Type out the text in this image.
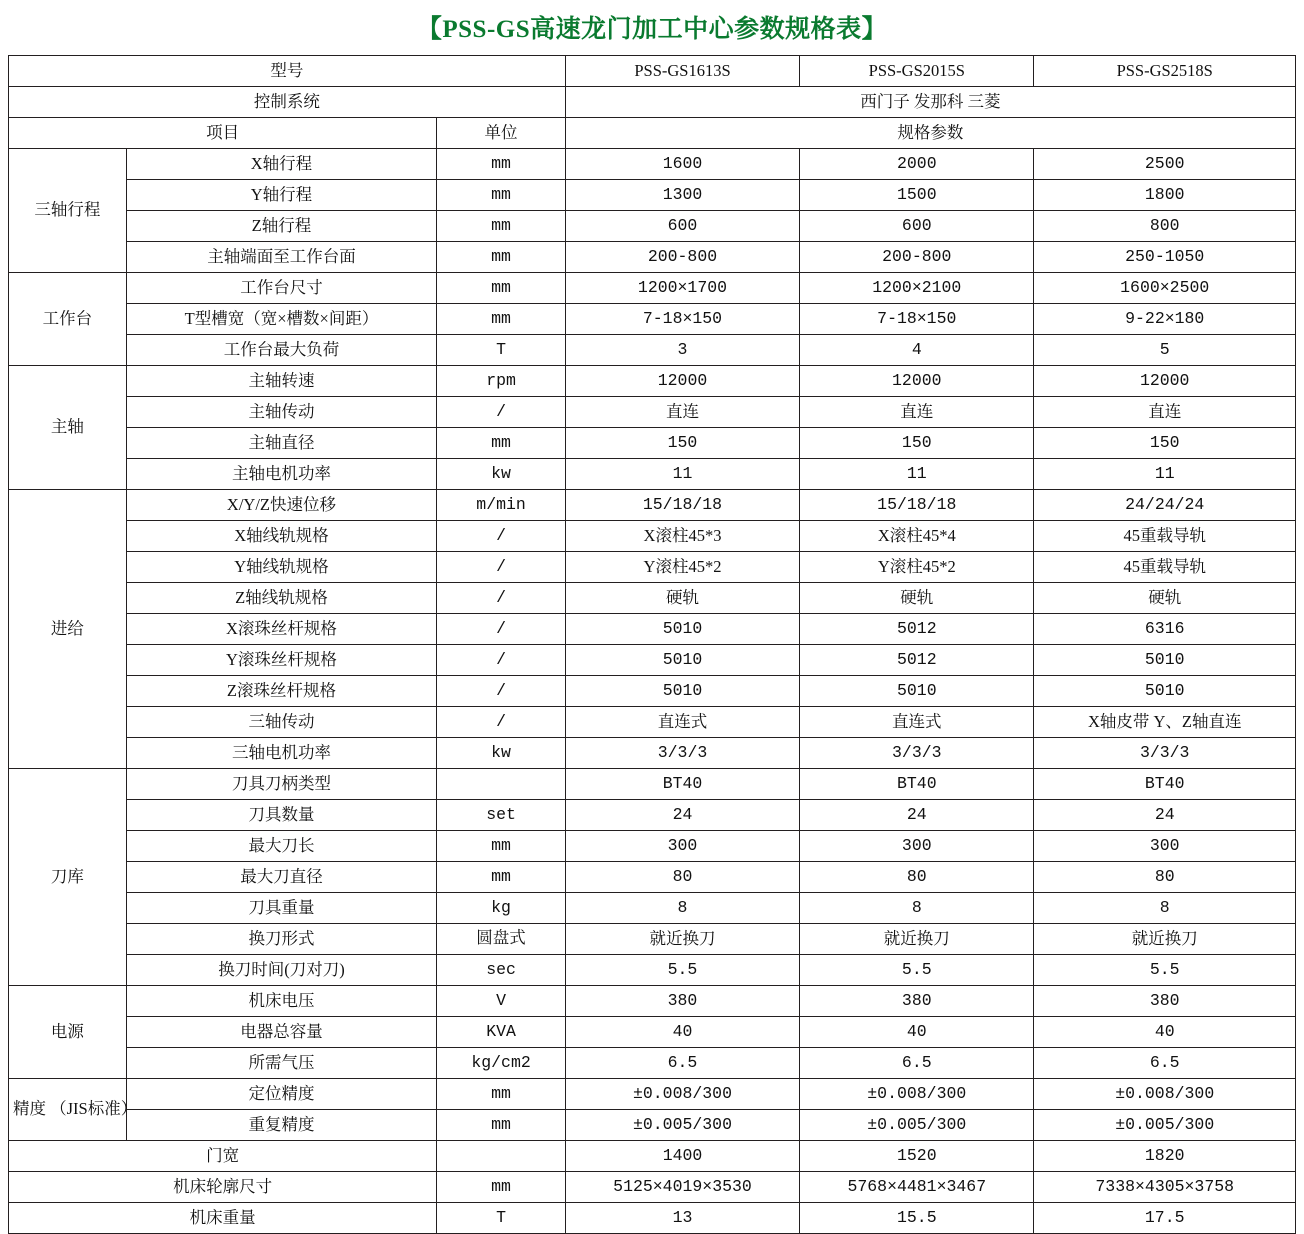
【PSS-GS高速龙门加工中心参数规格表】
型号			PSS-GS1613S	PSS-GS2015S	PSS-GS2518S
控制系统			西门子 发那科 三菱		
项目		单位	规格参数		
三轴行程	X轴行程	mm	1600	2000	2500
	Y轴行程	mm	1300	1500	1800
	Z轴行程	mm	600	600	800
	主轴端面至工作台面	mm	200-800	200-800	250-1050
工作台	工作台尺寸	mm	1200×1700	1200×2100	1600×2500
	T型槽宽（宽×槽数×间距）	mm	7-18×150	7-18×150	9-22×180
	工作台最大负荷	T	3	4	5
主轴	主轴转速	rpm	12000	12000	12000
	主轴传动	/	直连	直连	直连
	主轴直径	mm	150	150	150
	主轴电机功率	kw	11	11	11
进给	X/Y/Z快速位移	m/min	15/18/18	15/18/18	24/24/24
	X轴线轨规格	/	X滚柱45*3	X滚柱45*4	45重载导轨
	Y轴线轨规格	/	Y滚柱45*2	Y滚柱45*2	45重载导轨
	Z轴线轨规格	/	硬轨	硬轨	硬轨
	X滚珠丝杆规格	/	5010	5012	6316
	Y滚珠丝杆规格	/	5010	5012	5010
	Z滚珠丝杆规格	/	5010	5010	5010
	三轴传动	/	直连式	直连式	X轴皮带 Y、Z轴直连
	三轴电机功率	kw	3/3/3	3/3/3	3/3/3
刀库	刀具刀柄类型		BT40	BT40	BT40
	刀具数量	set	24	24	24
	最大刀长	mm	300	300	300
	最大刀直径	mm	80	80	80
	刀具重量	kg	8	8	8
	换刀形式	圆盘式	就近换刀	就近换刀	就近换刀
	换刀时间(刀对刀)	sec	5.5	5.5	5.5
电源	机床电压	V	380	380	380
	电器总容量	KVA	40	40	40
	所需气压	kg/cm2	6.5	6.5	6.5
精度 （JIS标准）	定位精度	mm	±0.008/300	±0.008/300	±0.008/300
	重复精度	mm	±0.005/300	±0.005/300	±0.005/300
门宽			1400	1520	1820
机床轮廓尺寸		mm	5125×4019×3530	5768×4481×3467	7338×4305×3758
机床重量		T	13	15.5	17.5
